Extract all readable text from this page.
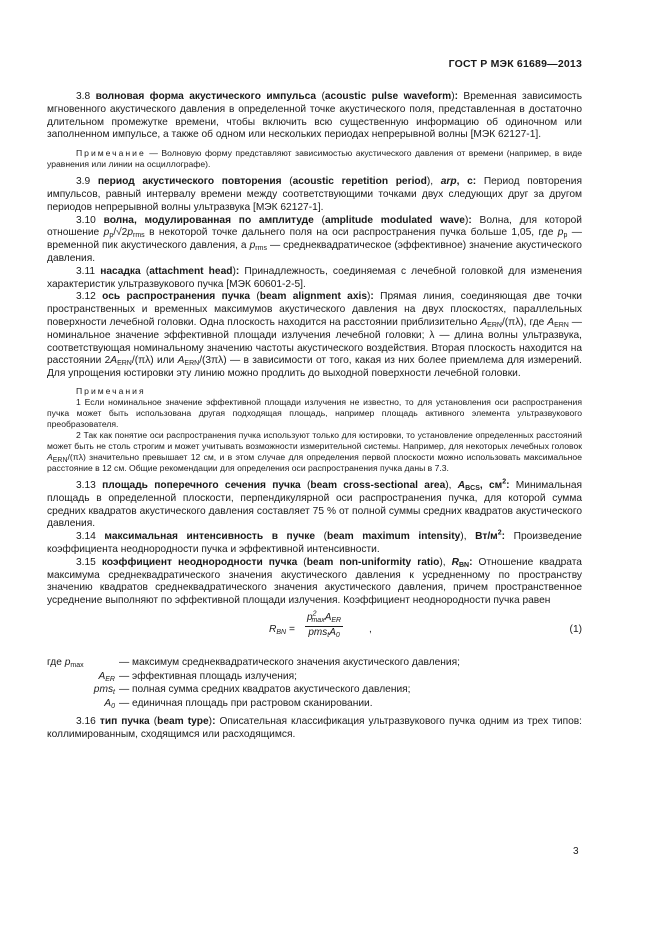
ГОСТ Р МЭК 61689—2013

3.8 волновая форма акустического импульса (acoustic pulse waveform): Временная зависимость мгновенного акустического давления в определенной точке акустического поля, представленная в достаточно длительном промежутке времени, чтобы включить всю существенную информацию об одиночном или заполненном импульсе, а также об одном или нескольких периодах непрерывной волны [МЭК 62127-1].

Примечание — Волновую форму представляют зависимостью акустического давления от времени (например, в виде уравнения или линии на осциллографе).

3.9 период акустического повторения (acoustic repetition period), arp, с: Период повторения импульсов, равный интервалу времени между соответствующими точками двух следующих друг за другом периодов непрерывной волны ультразвука [МЭК 62127-1].

3.10 волна, модулированная по амплитуде (amplitude modulated wave): Волна, для которой отношение $p_p/√2p_{rms}$ в некоторой точке дальнего поля на оси распространения пучка больше 1,05, где $p_p$ — временной пик акустического давления, а $p_{rms}$ — среднеквадратическое (эффективное) значение акустического давления.

3.11 насадка (attachment head): Принадлежность, соединяемая с лечебной головкой для изменения характеристик ультразвукового пучка [МЭК 60601-2-5].

3.12 ось распространения пучка (beam alignment axis): Прямая линия, соединяющая две точки пространственных и временных максимумов акустического давления на двух плоскостях, параллельных поверхности лечебной головки. Одна плоскость находится на расстоянии приблизительно $A_{ERN}/(\pi\lambda)$, где $A_{ERN}$ — номинальное значение эффективной площади излучения лечебной головки; λ — длина волны ультразвука, соответствующая номинальному значению частоты акустического воздействия. Вторая плоскость находится на расстоянии $2A_{ERN}/(\pi\lambda)$ или $A_{ERN}/(3\pi\lambda)$ — в зависимости от того, какая из них более приемлема для измерений. Для упрощения юстировки эту линию можно продлить до выходной поверхности лечебной головки.

Примечания

1 Если номинальное значение эффективной площади излучения не известно, то для установления оси распространения пучка может быть использована другая подходящая площадь, например площадь активного элемента ультразвукового преобразователя.

2 Так как понятие оси распространения пучка используют только для юстировки, то установление определенных расстояний может быть не столь строгим и может учитывать возможности измерительной системы. Например, для некоторых лечебных головок $A_{ERN}/(\pi\lambda)$ значительно превышает 12 см, и в этом случае для определения первой плоскости можно использовать максимальное расстояние в 12 см. Общие рекомендации для определения оси распространения пучка даны в 7.3.

3.13 площадь поперечного сечения пучка (beam cross-sectional area), $A_{BCS}$, $см^2$: Минимальная площадь в определенной плоскости, перпендикулярной оси распространения пучка, для которой сумма средних квадратов акустического давления составляет 75 % от полной суммы средних квадратов акустического давления.

3.14 максимальная интенсивность в пучке (beam maximum intensity), $Вт/м^2$: Произведение коэффициента неоднородности пучка и эффективной интенсивности.

3.15 коэффициент неоднородности пучка (beam non-uniformity ratio), $R_{BN}$: Отношение квадрата максимума среднеквадратического значения акустического давления к усредненному по пространству значению квадратов среднеквадратического значения акустического давления, причем пространственное усреднение выполняют по эффективной площади излучения. Коэффициент неоднородности пучка равен

$R_{BN}$ =
$p^2_{max}A_{ER}$
$pms_tA_0$
,	(1)
где $p_{max}$	— максимум среднеквадратического значения акустического давления;
$A_{ER}$ — эффективная площадь излучения;
pms$_t$ — полная сумма средних квадратов акустического давления;
$A_0$ — единичная площадь при растровом сканировании.

3.16 тип пучка (beam type): Описательная классификация ультразвукового пучка одним из трех типов: коллимированным, сходящимся или расходящимся.

3
